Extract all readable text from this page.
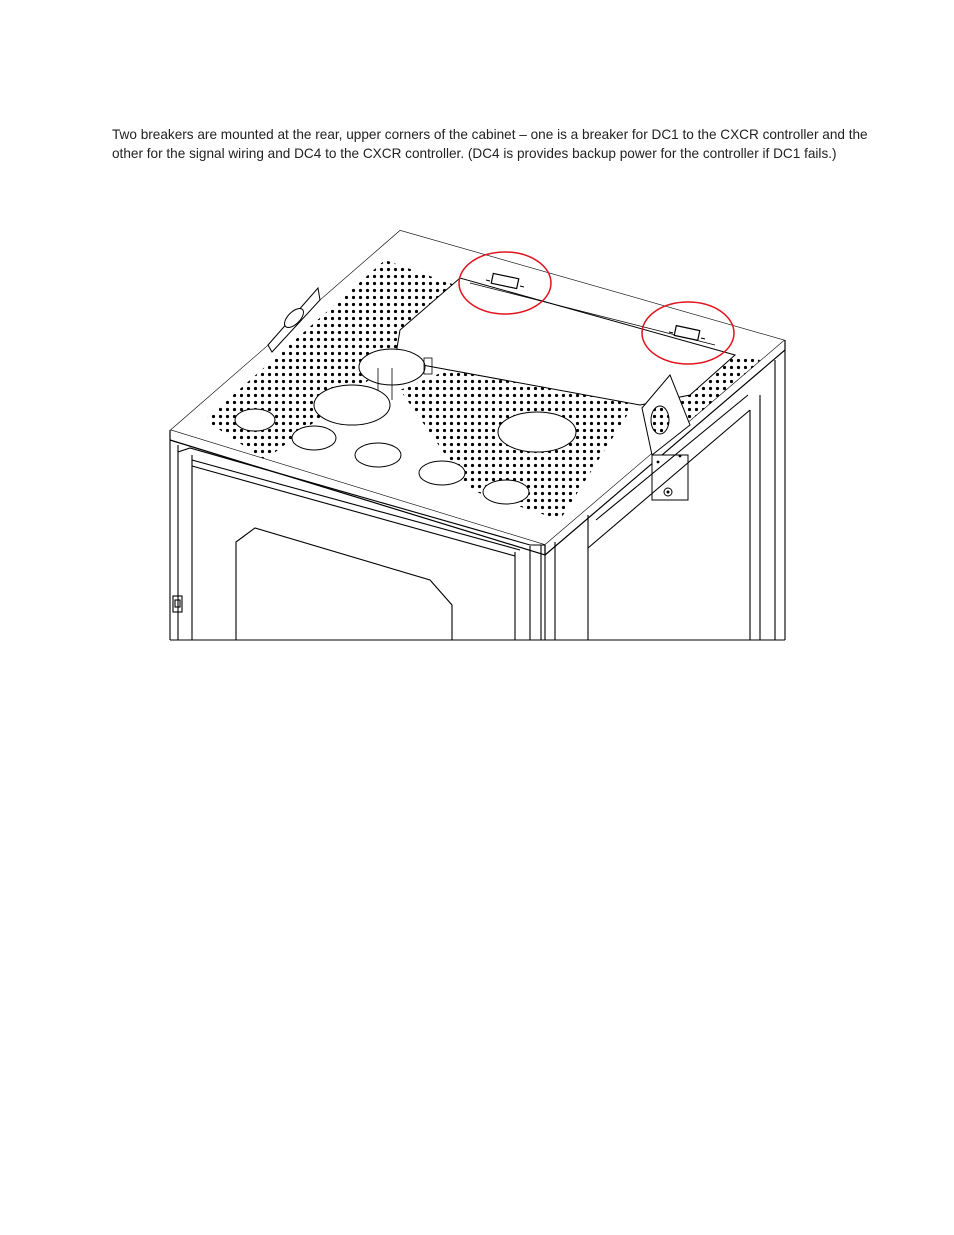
Two breakers are mounted at the rear, upper corners of the cabinet – one is a breaker for DC1 to the CXCR controller and the other for the signal wiring and DC4 to the CXCR controller. (DC4 is provides backup power for the controller if DC1 fails.)
